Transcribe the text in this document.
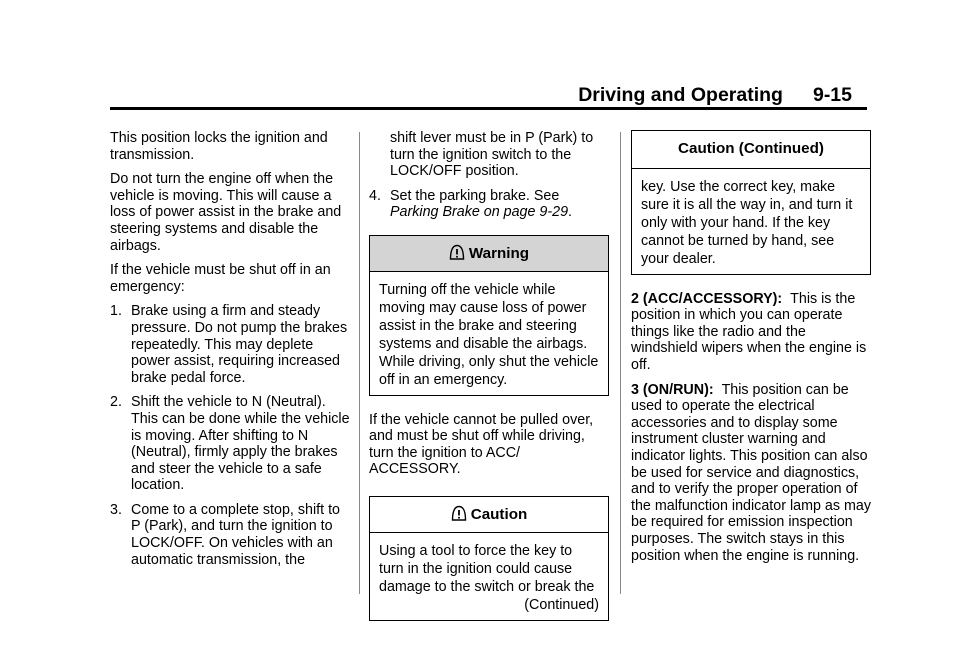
Driving and Operating 9-15

This position locks the ignition and transmission.

Do not turn the engine off when the vehicle is moving. This will cause a loss of power assist in the brake and steering systems and disable the airbags.

If the vehicle must be shut off in an emergency:

1. Brake using a firm and steady pressure. Do not pump the brakes repeatedly. This may deplete power assist, requiring increased brake pedal force.
2. Shift the vehicle to N (Neutral). This can be done while the vehicle is moving. After shifting to N (Neutral), firmly apply the brakes and steer the vehicle to a safe location.
3. Come to a complete stop, shift to P (Park), and turn the ignition to LOCK/OFF. On vehicles with an automatic transmission, the
shift lever must be in P (Park) to turn the ignition switch to the LOCK/OFF position.
4. Set the parking brake. See Parking Brake on page 9-29.
Warning
Turning off the vehicle while moving may cause loss of power assist in the brake and steering systems and disable the airbags. While driving, only shut the vehicle off in an emergency.

If the vehicle cannot be pulled over, and must be shut off while driving, turn the ignition to ACC/ ACCESSORY.

Caution
Using a tool to force the key to turn in the ignition could cause damage to the switch or break the
(Continued)
Caution (Continued)
key. Use the correct key, make sure it is all the way in, and turn it only with your hand. If the key cannot be turned by hand, see your dealer.

2 (ACC/ACCESSORY): This is the position in which you can operate things like the radio and the windshield wipers when the engine is off.

3 (ON/RUN): This position can be used to operate the electrical accessories and to display some instrument cluster warning and indicator lights. This position can also be used for service and diagnostics, and to verify the proper operation of the malfunction indicator lamp as may be required for emission inspection purposes. The switch stays in this position when the engine is running.
